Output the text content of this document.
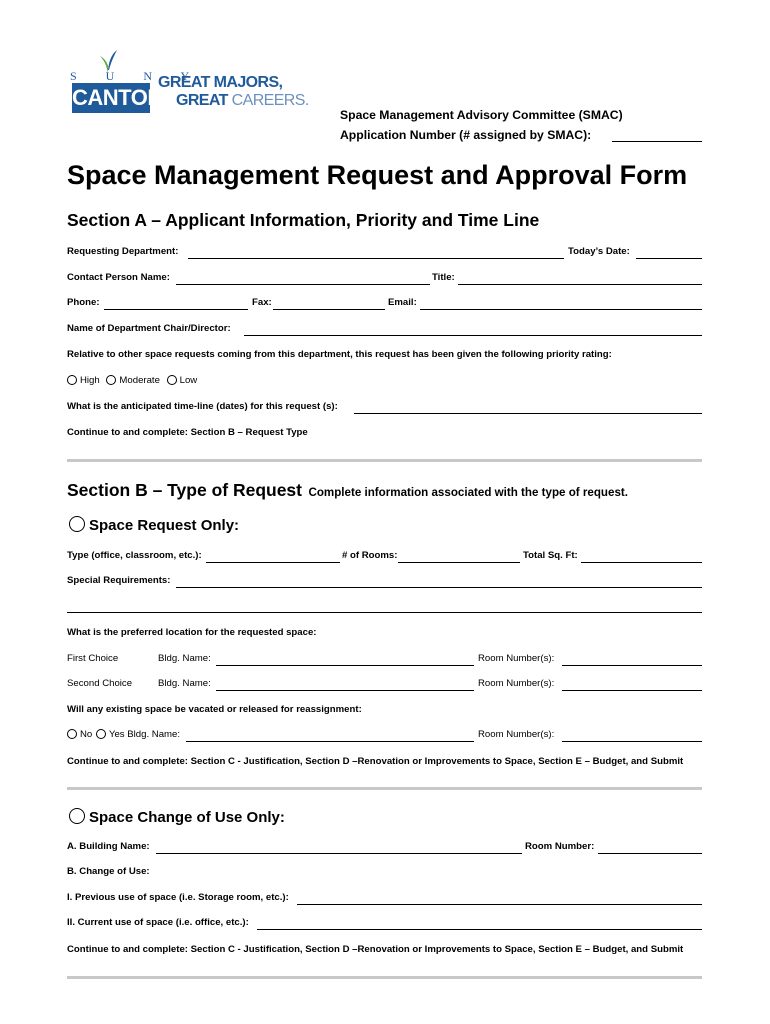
S U N Y
CANTON
GREAT MAJORS,
GREAT CAREERS.
Space Management Advisory Committee (SMAC)
Application Number (# assigned by SMAC):
Space Management Request and Approval Form
Section A – Applicant Information, Priority and Time Line
Requesting Department:	Today’s Date:
Contact Person Name:	Title:
Phone:	Fax:	Email:
Name of Department Chair/Director:
Relative to other space requests coming from this department, this request has been given the following priority rating:
High Moderate Low
What is the anticipated time-line (dates) for this request (s):
Continue to and complete: Section B – Request Type
Section B – Type of Request Complete information associated with the type of request.
Space Request Only:
Type (office, classroom, etc.):	# of Rooms:	Total Sq. Ft:
Special Requirements:
What is the preferred location for the requested space:
First Choice	Bldg. Name:	Room Number(s):
Second Choice	Bldg. Name:	Room Number(s):
Will any existing space be vacated or released for reassignment:
No Yes Bldg. Name:	Room Number(s):
Continue to and complete: Section C - Justification, Section D –Renovation or Improvements to Space, Section E – Budget, and Submit
Space Change of Use Only:
A. Building Name:	Room Number:
B. Change of Use:
I. Previous use of space (i.e. Storage room, etc.):
II. Current use of space (i.e. office, etc.):
Continue to and complete: Section C - Justification, Section D –Renovation or Improvements to Space, Section E – Budget, and Submit
